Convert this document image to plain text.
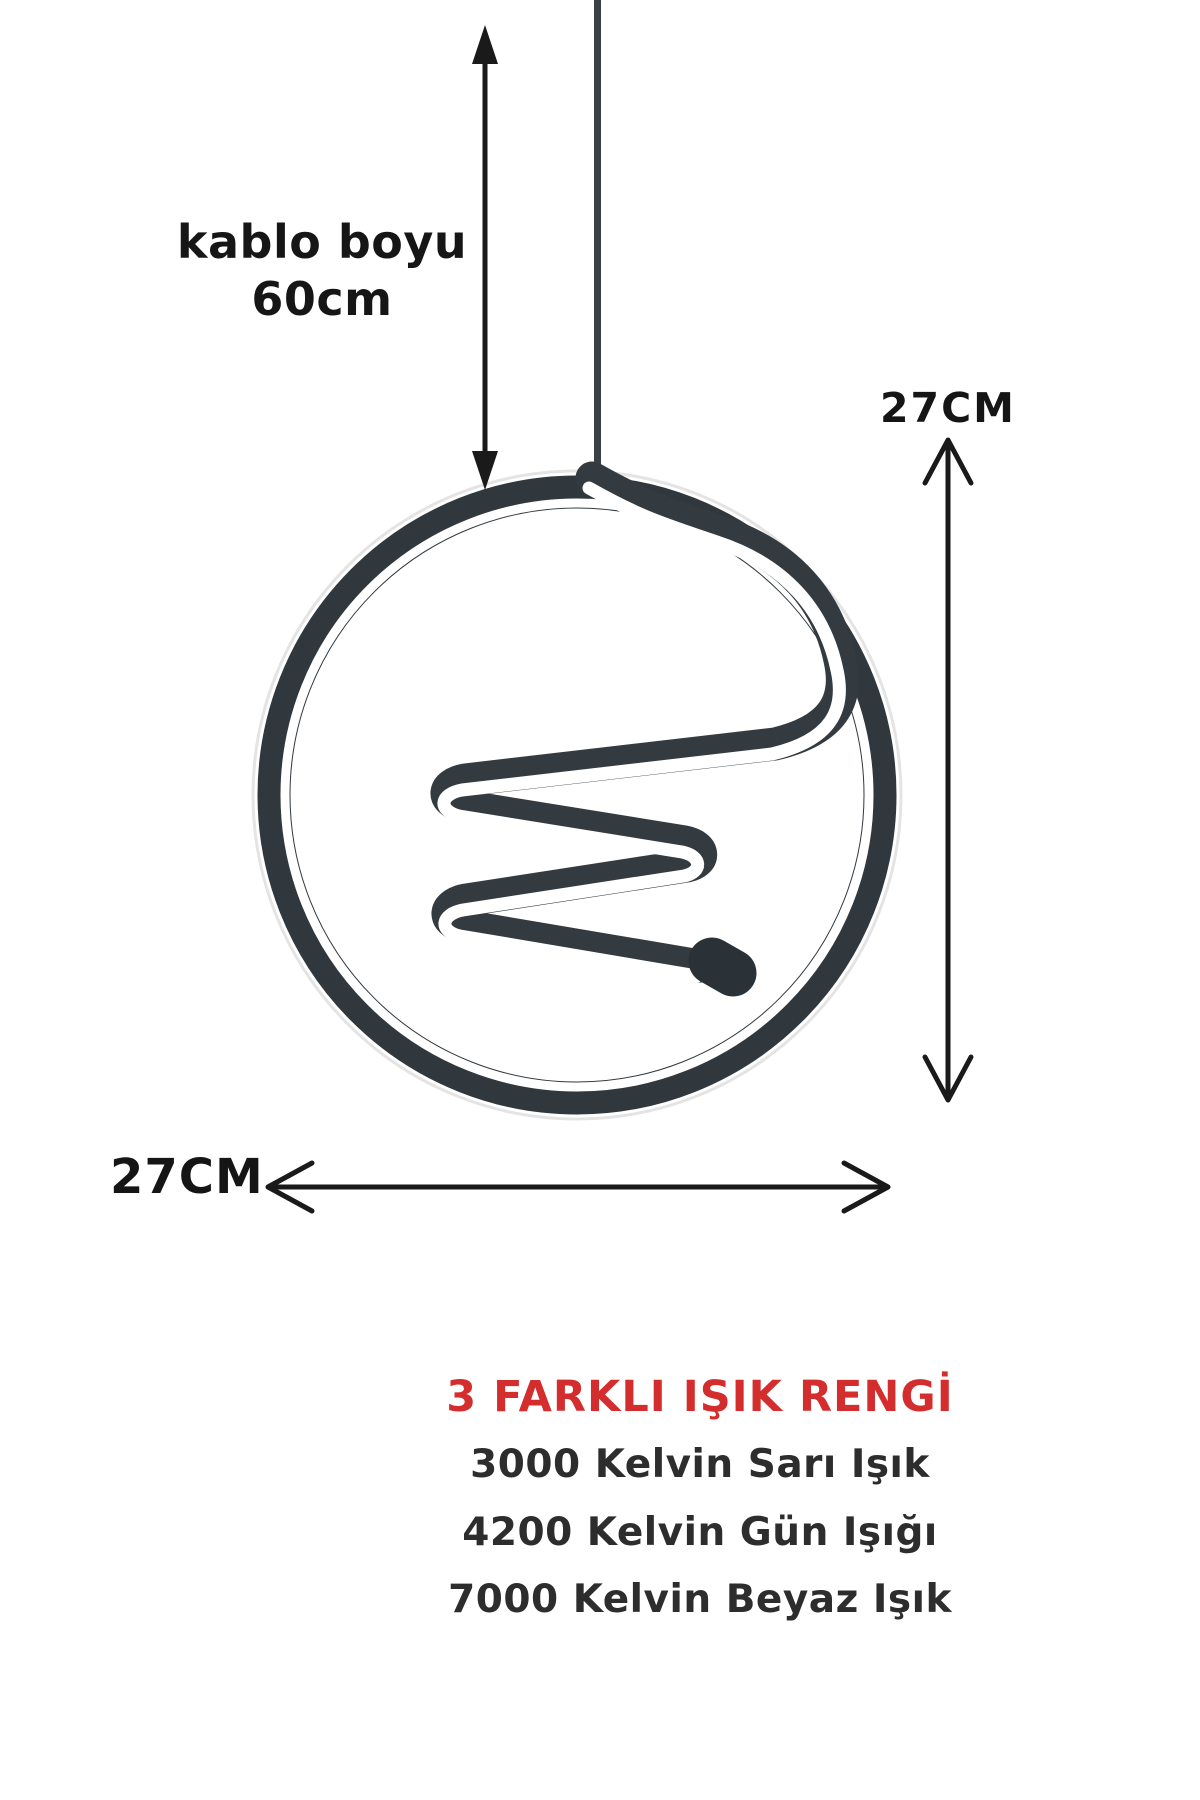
kablo boyu
60cm
27CM
27CM
3 FARKLI IŞIK RENGİ
3000 Kelvin Sarı Işık
4200 Kelvin Gün Işığı
7000 Kelvin Beyaz Işık
